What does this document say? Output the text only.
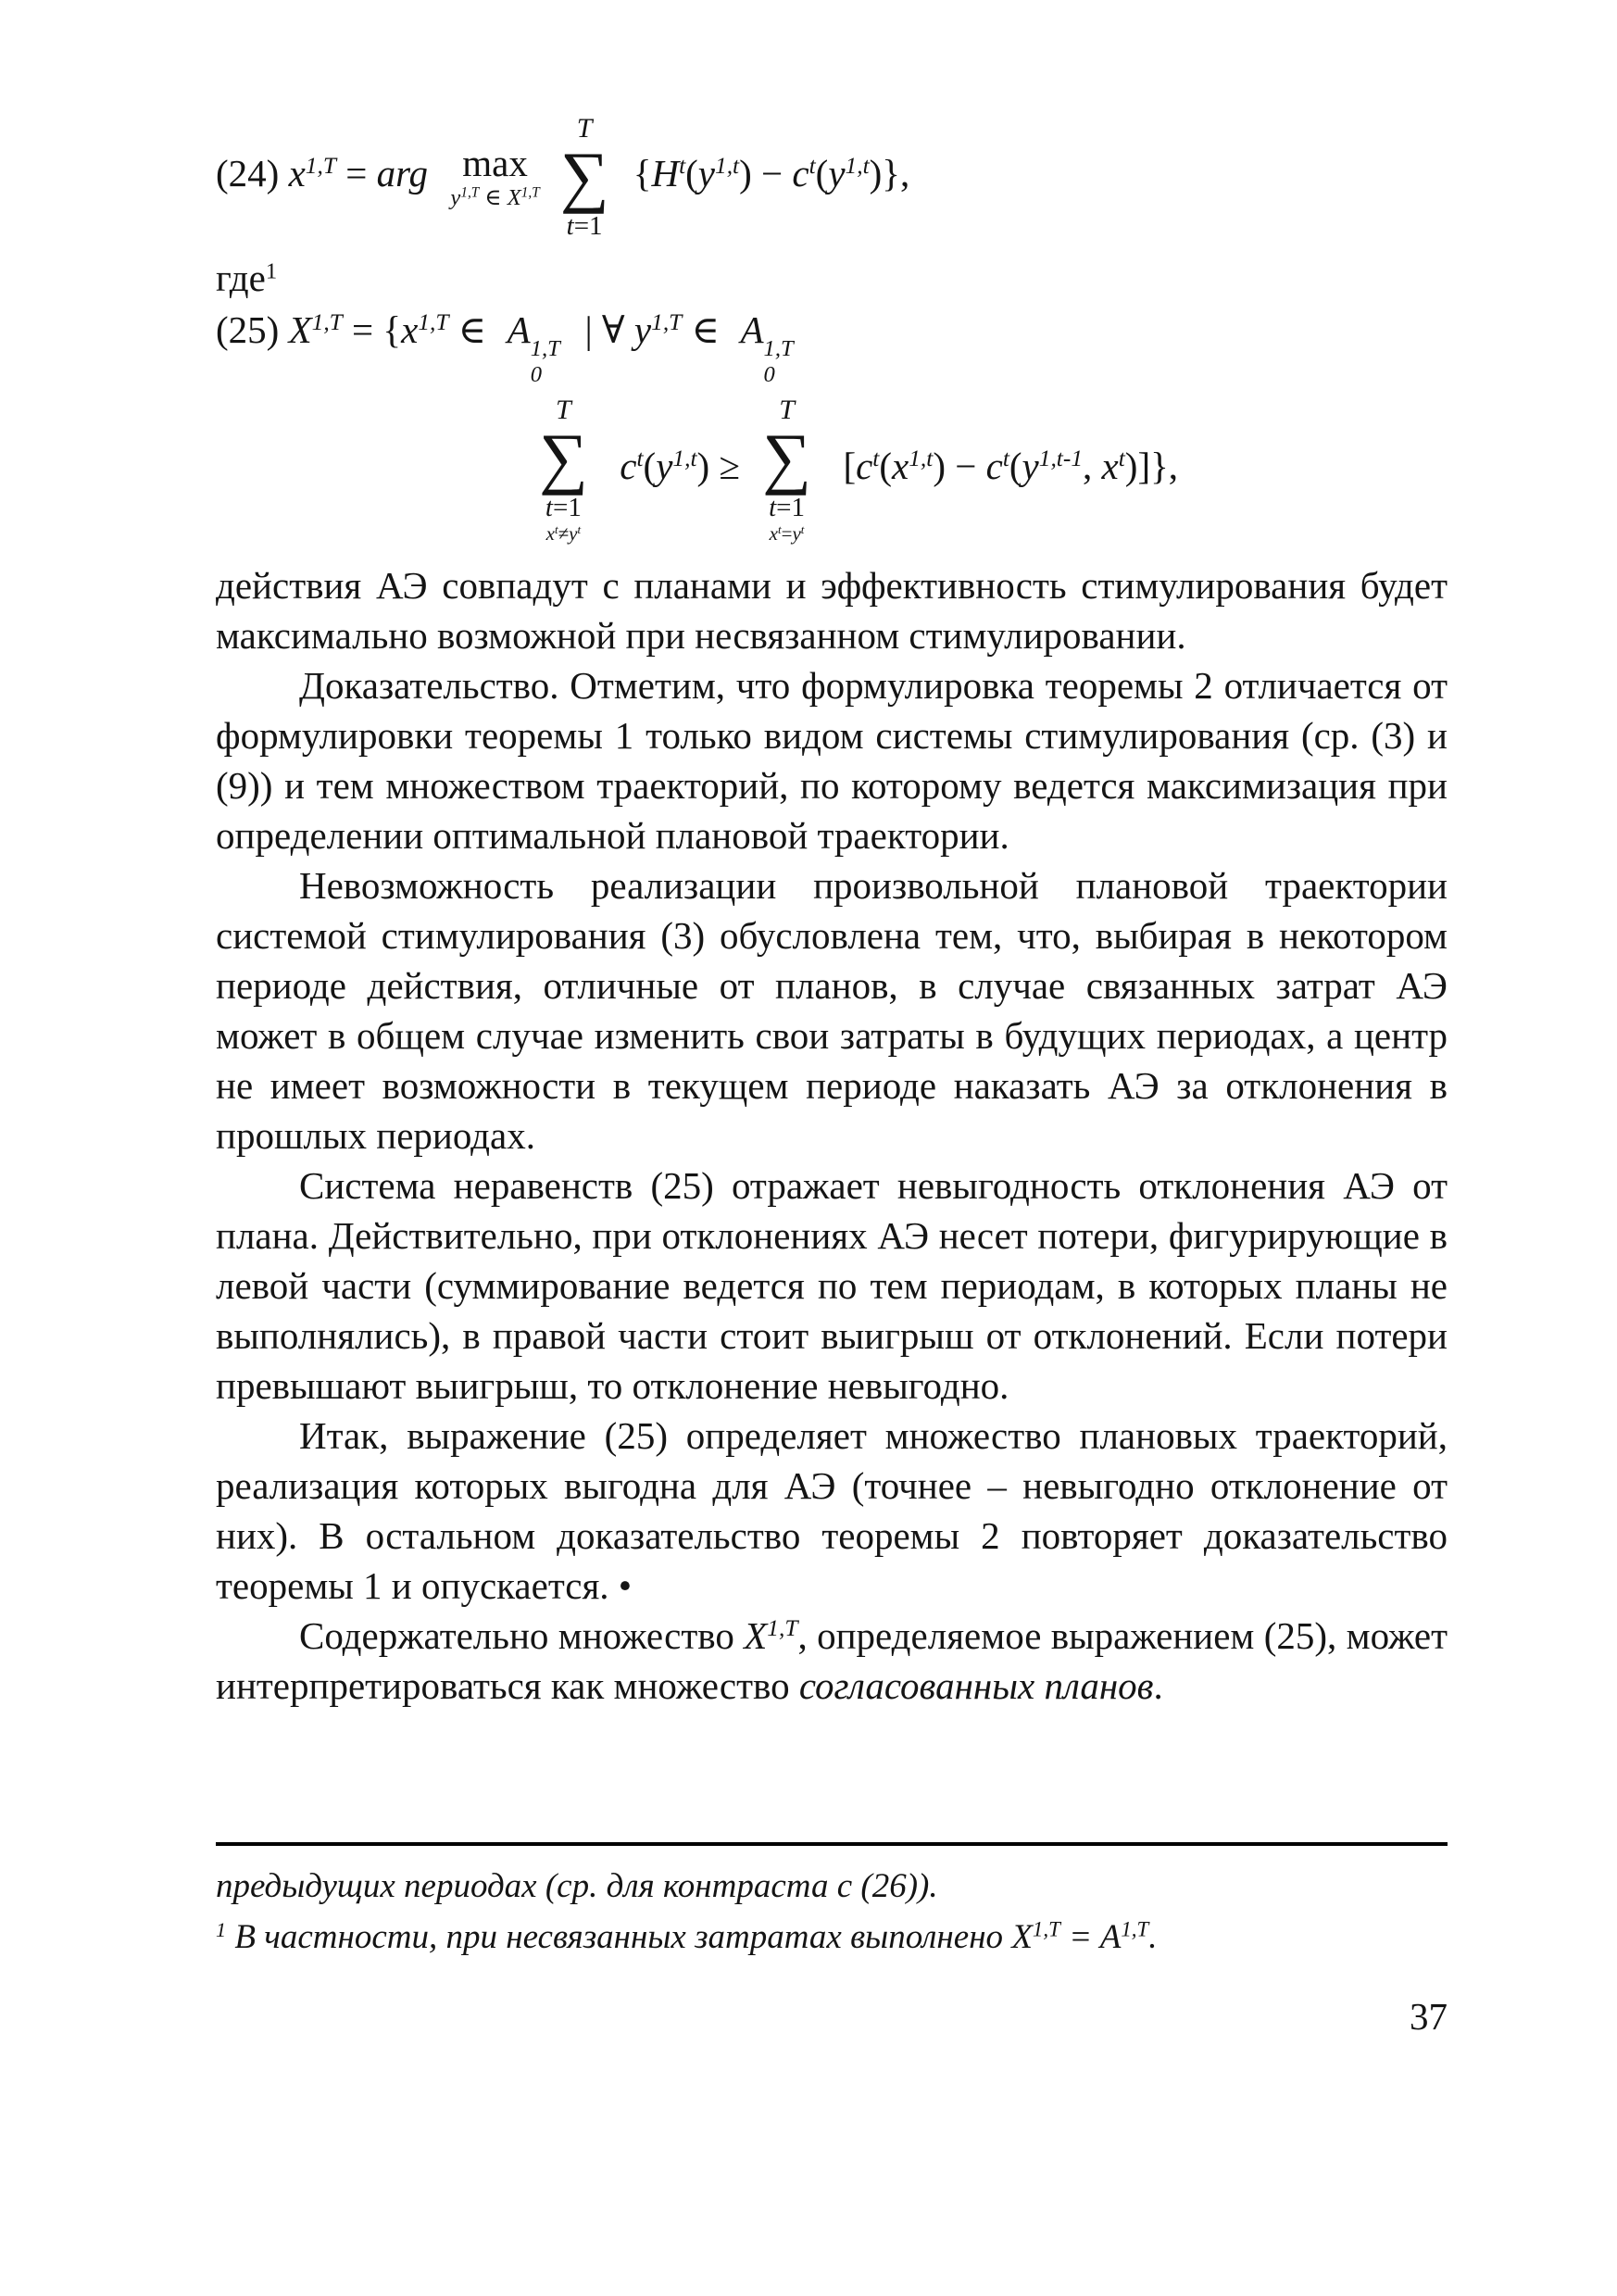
(24) $x^{1,T}$ = arg max
$y^{1,T}$ ∈ $X^{1,T}$
T
∑
t=1
$\{H^t(y^{1,t}) - c^t(y^{1,t})\}$,
где$^1$
(25) $X^{1,T} = \{x^{1,T}$ ∈ A 1,T
0
| ∀ $y^{1,T}$ ∈ A 1,T
0
T
∑
t=1
$x^t\ne y^t$
$c^t(y^{1,t})$ ≥
T
∑
t=1
$x^t=y^t$
[$c^t(x^{1,t}) - c^t(y^{1,t-1}$, $x^t$)]},

действия АЭ совпадут с планами и эффективность стимулирования будет максимально возможной при несвязанном стимулировании.

Доказательство. Отметим, что формулировка теоремы 2 отличается от формулировки теоремы 1 только видом системы стимулирования (ср. (3) и (9)) и тем множеством траекторий, по которому ведется максимизация при определении оптимальной плановой траектории.

Невозможность реализации произвольной плановой траектории системой стимулирования (3) обусловлена тем, что, выбирая в некотором периоде действия, отличные от планов, в случае связанных затрат АЭ может в общем случае изменить свои затраты в будущих периодах, а центр не имеет возможности в текущем периоде наказать АЭ за отклонения в прошлых периодах.

Система неравенств (25) отражает невыгодность отклонения АЭ от плана. Действительно, при отклонениях АЭ несет потери, фигурирующие в левой части (суммирование ведется по тем периодам, в которых планы не выполнялись), в правой части стоит выигрыш от отклонений. Если потери превышают выигрыш, то отклонение невыгодно.

Итак, выражение (25) определяет множество плановых траекторий, реализация которых выгодна для АЭ (точнее – невыгодно отклонение от них). В остальном доказательство теоремы 2 повторяет доказательство теоремы 1 и опускается. •

Содержательно множество $X^{1,T}$, определяемое выражением (25), может интерпретироваться как множество согласованных планов.

предыдущих периодах (ср. для контраста с (26)).

$^1$ В частности, при несвязанных затратах выполнено $X^{1,T} = A^{1,T}$.

37
